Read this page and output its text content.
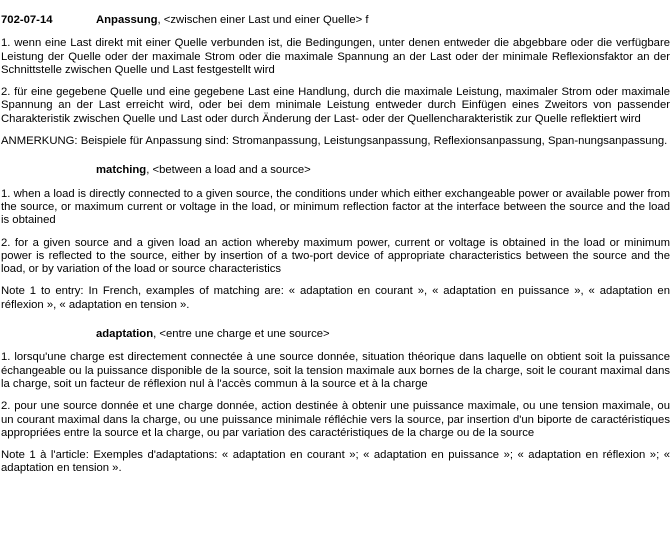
702-07-14	Anpassung, <zwischen einer Last und einer Quelle> f

1. wenn eine Last direkt mit einer Quelle verbunden ist, die Bedingungen, unter denen entweder die abgebbare oder die verfügbare Leistung der Quelle oder der maximale Strom oder die maximale Spannung an der Last oder der minimale Reflexionsfaktor an der Schnittstelle zwischen Quelle und Last festgestellt wird

2. für eine gegebene Quelle und eine gegebene Last eine Handlung, durch die maximale Leistung, maximaler Strom oder maximale Spannung an der Last erreicht wird, oder bei dem minimale Leistung entweder durch Einfügen eines Zweitors von passender Charakteristik zwischen Quelle und Last oder durch Änderung der Last- oder der Quellencharakteristik zur Quelle reflektiert wird

ANMERKUNG: Beispiele für Anpassung sind: Stromanpassung, Leistungsanpassung, Reflexionsanpassung, Span-nungsanpassung.

matching, <between a load and a source>

1. when a load is directly connected to a given source, the conditions under which either exchangeable power or available power from the source, or maximum current or voltage in the load, or minimum reflection factor at the interface between the source and the load is obtained

2. for a given source and a given load an action whereby maximum power, current or voltage is obtained in the load or minimum power is reflected to the source, either by insertion of a two-port device of appropriate characteristics between the source and the load, or by variation of the load or source characteristics

Note 1 to entry: In French, examples of matching are: « adaptation en courant », « adaptation en puissance », « adaptation en réflexion », « adaptation en tension ».

adaptation, <entre une charge et une source>

1. lorsqu'une charge est directement connectée à une source donnée, situation théorique dans laquelle on obtient soit la puissance échangeable ou la puissance disponible de la source, soit la tension maximale aux bornes de la charge, soit le courant maximal dans la charge, soit un facteur de réflexion nul à l'accès commun à la source et à la charge

2. pour une source donnée et une charge donnée, action destinée à obtenir une puissance maximale, ou une tension maximale, ou un courant maximal dans la charge, ou une puissance minimale réfléchie vers la source, par insertion d'un biporte de caractéristiques appropriées entre la source et la charge, ou par variation des caractéristiques de la charge ou de la source

Note 1 à l'article: Exemples d'adaptations: « adaptation en courant »; « adaptation en puissance »; « adaptation en réflexion »; « adaptation en tension ».
